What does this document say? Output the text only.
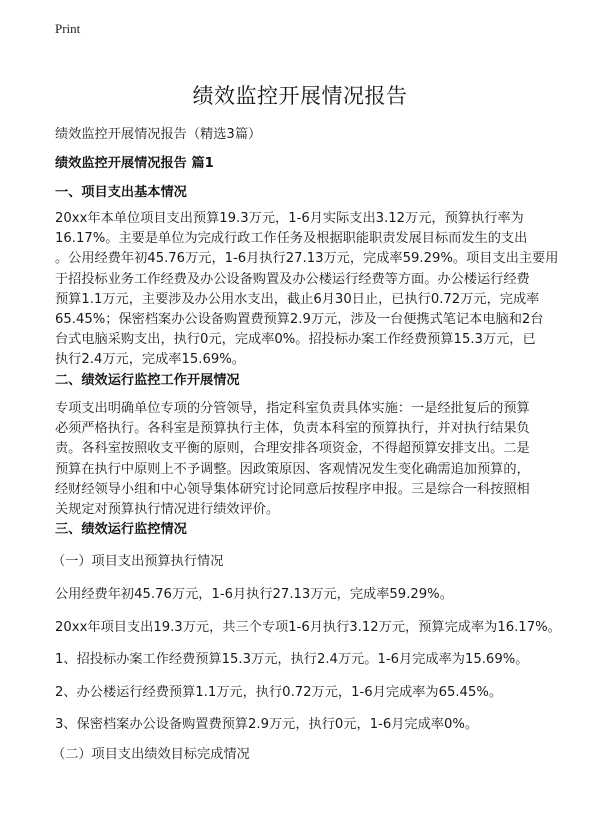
Print
绩效监控开展情况报告

绩效监控开展情况报告（精选3篇）

绩效监控开展情况报告 篇1

一、项目支出基本情况

20xx年本单位项目支出预算19.3万元，1-6月实际支出3.12万元，预算执行率为
16.17%。主要是单位为完成行政工作任务及根据职能职责发展目标而发生的支出
。公用经费年初45.76万元，1-6月执行27.13万元，完成率59.29%。项目支出主要用
于招投标业务工作经费及办公设备购置及办公楼运行经费等方面。办公楼运行经费
预算1.1万元，主要涉及办公用水支出，截止6月30日止，已执行0.72万元，完成率
65.45%；保密档案办公设备购置费预算2.9万元，涉及一台便携式笔记本电脑和2台
台式电脑采购支出，执行0元，完成率0%。招投标办案工作经费预算15.3万元，已
执行2.4万元，完成率15.69%。

二、绩效运行监控工作开展情况

专项支出明确单位专项的分管领导，指定科室负责具体实施：一是经批复后的预算
必须严格执行。各科室是预算执行主体，负责本科室的预算执行，并对执行结果负
责。各科室按照收支平衡的原则，合理安排各项资金，不得超预算安排支出。二是
预算在执行中原则上不予调整。因政策原因、客观情况发生变化确需追加预算的，
经财经领导小组和中心领导集体研究讨论同意后按程序申报。三是综合一科按照相
关规定对预算执行情况进行绩效评价。

三、绩效运行监控情况

（一）项目支出预算执行情况

公用经费年初45.76万元，1-6月执行27.13万元，完成率59.29%。

20xx年项目支出19.3万元，共三个专项1-6月执行3.12万元，预算完成率为16.17%。

1、招投标办案工作经费预算15.3万元，执行2.4万元。1-6月完成率为15.69%。

2、办公楼运行经费预算1.1万元，执行0.72万元，1-6月完成率为65.45%。

3、保密档案办公设备购置费预算2.9万元，执行0元，1-6月完成率0%。

（二）项目支出绩效目标完成情况
